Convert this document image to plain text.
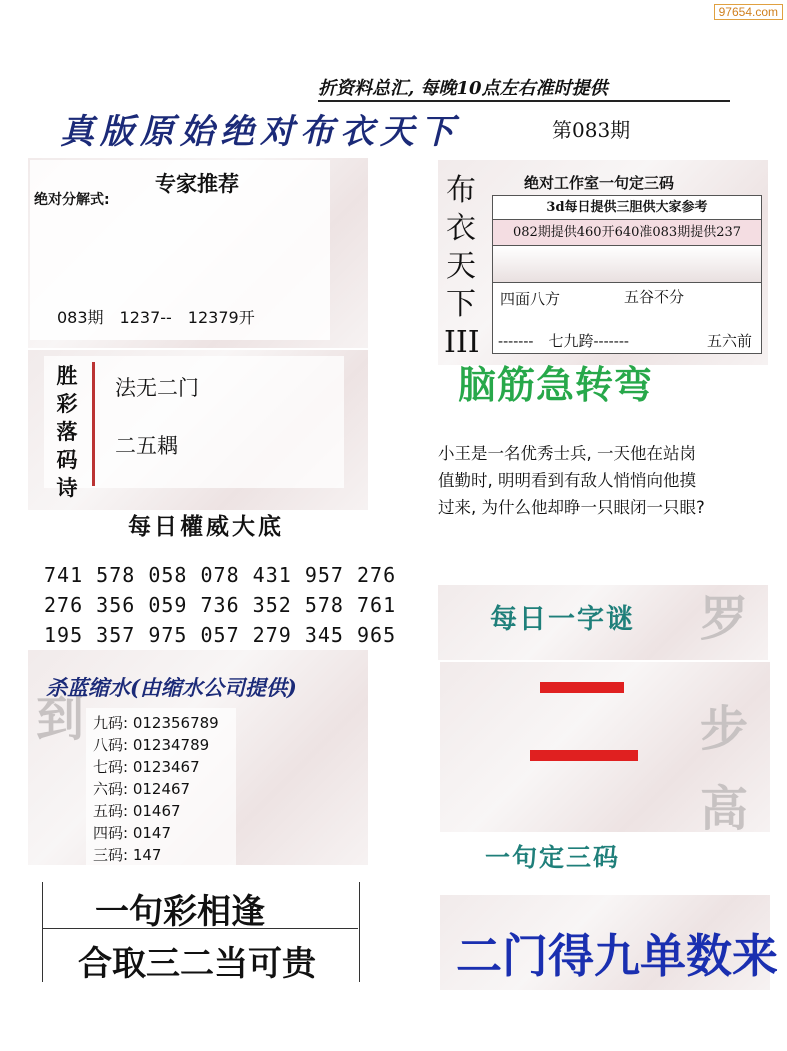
罗
步
高
到
97654.com
折资料总汇, 每晚10点左右准时提供
真版原始绝对布衣天下	第083期
专家推荐
绝对分解式:
083期　1237--　12379开
胜彩落码诗
法无二门
二五耦
每日權威大底
741 578 058 078 431 957 276
276 356 059 736 352 578 761
195 357 975 057 279 345 965
杀蓝缩水(由缩水公司提供)
九码: 012356789
八码: 01234789
七码: 0123467
六码: 012467
五码: 01467
四码: 0147
三码: 147
一句彩相逢
合取三二当可贵
布衣天下III
绝对工作室一句定三码
3d每日提供三胆供大家参考
082期提供460开640准083期提供237
四面八方	五谷不分
-------　七九跨-------	五六前
脑筋急转弯
小王是一名优秀士兵, 一天他在站岗
值勤时, 明明看到有敌人悄悄向他摸
过来, 为什么他却睁一只眼闭一只眼?
每日一字谜
一句定三码
二门得九单数来
